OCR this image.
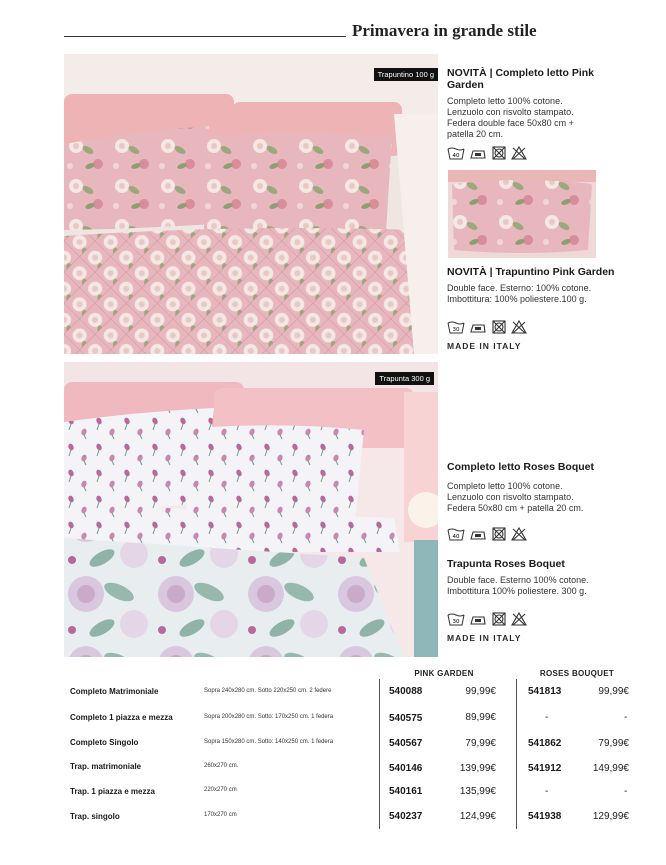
Primavera in grande stile
Trapuntino 100 g
Trapunta 300 g
NOVITÀ | Completo letto Pink
Garden
Completo letto 100% cotone.
Lenzuolo con risvolto stampato.
Federa double face 50x80 cm +
patella 20 cm.
40
NOVITÀ | Trapuntino Pink Garden
Double face. Esterno: 100% cotone.
Imbottitura: 100% poliestere.100 g.
30
MADE IN ITALY
Completo letto Roses Boquet
Completo letto 100% cotone.
Lenzuolo con risvolto stampato.
Federa 50x80 cm + patella 20 cm.
40
Trapunta Roses Boquet
Double face. Esterno 100% cotone.
Imbottitura 100% poliestere. 300 g.
30
MADE IN ITALY
PINK GARDEN	ROSES BOUQUET
Completo Matrimoniale	Sopra 240x280 cm. Sotto 220x250 cm. 2 federe	540088	99,99€	541813	99,99€
Completo 1 piazza e mezza	Sopra 200x280 cm. Sotto: 170x250 cm. 1 federa	540575	89,99€	-	-
Completo Singolo	Sopra 150x280 cm. Sotto: 140x250 cm. 1 federa	540567	79,99€	541862	79,99€
Trap. matrimoniale	260x270 cm.	540146	139,99€	541912	149,99€
Trap. 1 piazza e mezza	220x270 cm	540161	135,99€	-	-
Trap. singolo	170x270 cm	540237	124,99€	541938	129,99€
